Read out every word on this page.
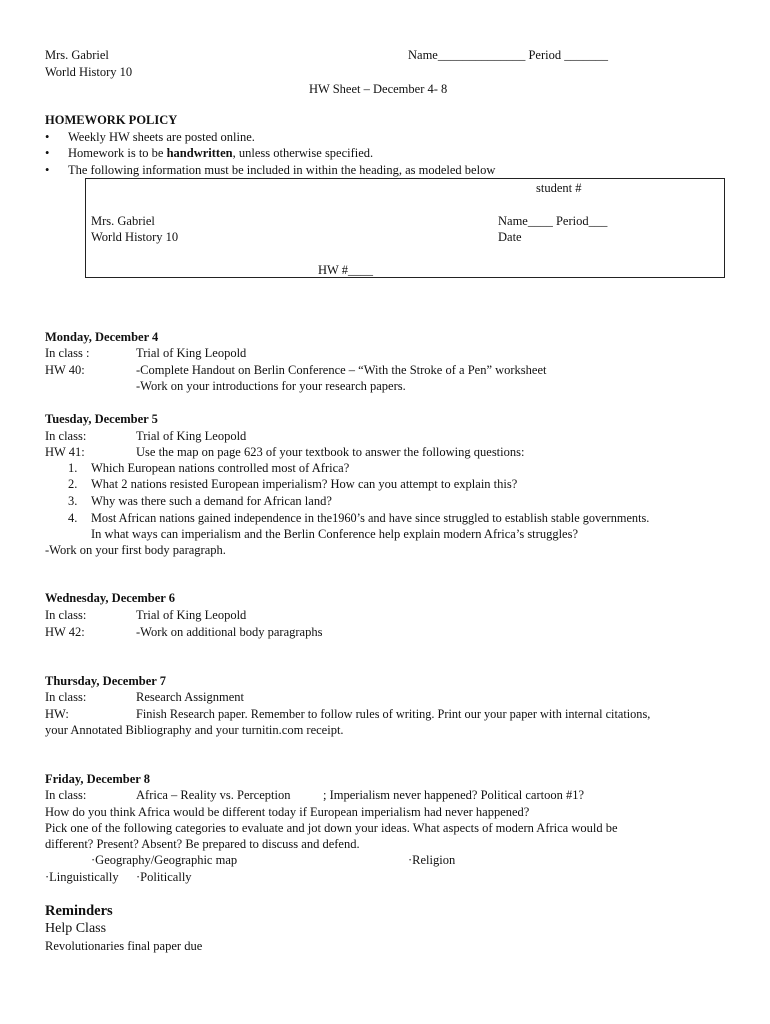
Mrs. Gabriel
World History 10
Name______________ Period _______
HW Sheet – December 4- 8
HOMEWORK POLICY
• Weekly HW sheets are posted online.
• Homework is to be handwritten, unless otherwise specified.
• The following information must be included in within the heading, as modeled below
student #
Mrs. Gabriel
World History 10
Name____ Period___
Date
HW #____
Monday, December 4
In class :	Trial of King Leopold
HW 40:	-Complete Handout on Berlin Conference – “With the Stroke of a Pen” worksheet
-Work on your introductions for your research papers.
Tuesday, December 5
In class:	Trial of King Leopold
HW 41:	Use the map on page 623 of your textbook to answer the following questions:
1. Which European nations controlled most of Africa?
2. What 2 nations resisted European imperialism? How can you attempt to explain this?
3. Why was there such a demand for African land?
4. Most African nations gained independence in the1960’s and have since struggled to establish stable governments.
In what ways can imperialism and the Berlin Conference help explain modern Africa’s struggles?
-Work on your first body paragraph.
Wednesday, December 6
In class:	Trial of King Leopold
HW 42:	-Work on additional body paragraphs
Thursday, December 7
In class:	Research Assignment
HW:	Finish Research paper. Remember to follow rules of writing. Print our your paper with internal citations,
your Annotated Bibliography and your turnitin.com receipt.
Friday, December 8
In class:	Africa – Reality vs. Perception	; Imperialism never happened? Political cartoon #1?
How do you think Africa would be different today if European imperialism had never happened?
Pick one of the following categories to evaluate and jot down your ideas. What aspects of modern Africa would be
different? Present? Absent? Be prepared to discuss and defend.
·Geography/Geographic map	·Religion
·Linguistically ·Politically
Reminders
Help Class
Revolutionaries final paper due
